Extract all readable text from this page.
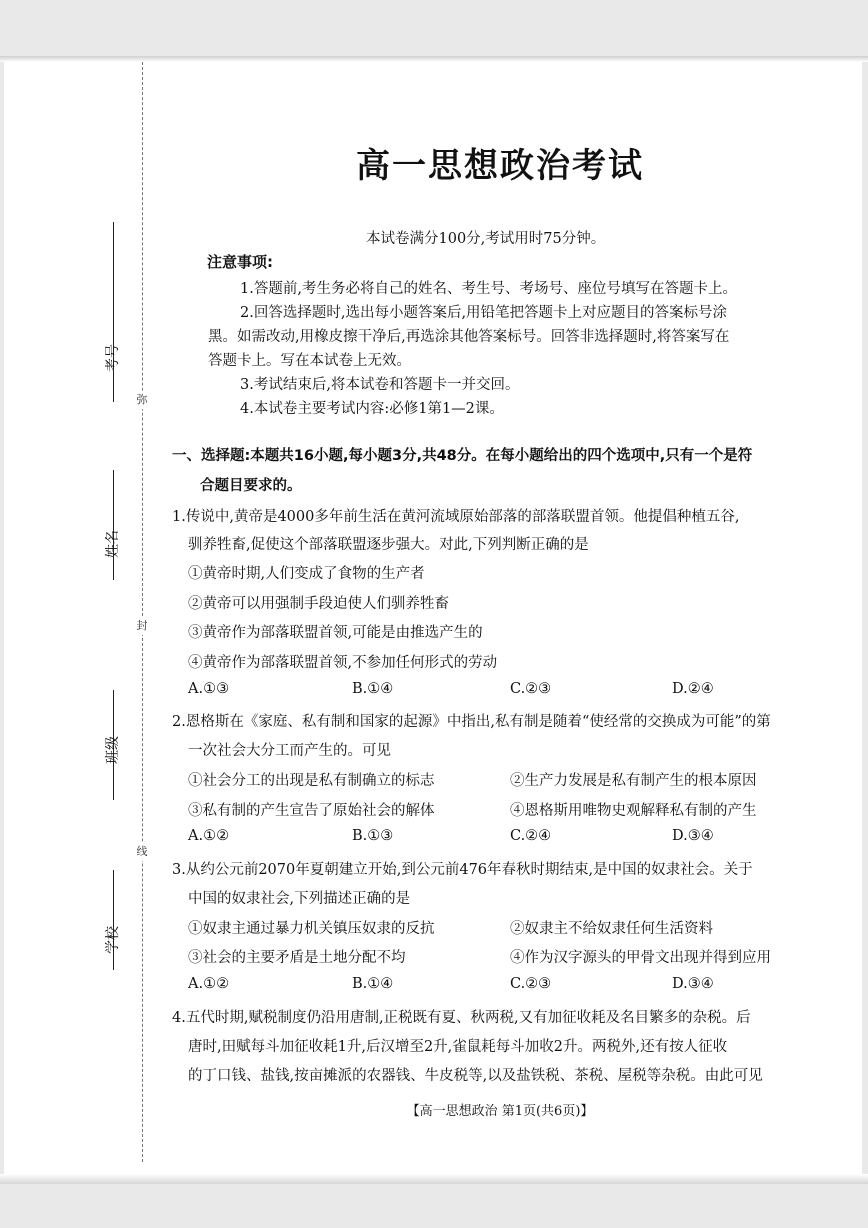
弥
封
线
考号
姓名
班级
学校
高一思想政治考试
本试卷满分100分,考试用时75分钟。
注意事项:
1.答题前,考生务必将自己的姓名、考生号、考场号、座位号填写在答题卡上。
2.回答选择题时,选出每小题答案后,用铅笔把答题卡上对应题目的答案标号涂
黑。如需改动,用橡皮擦干净后,再选涂其他答案标号。回答非选择题时,将答案写在
答题卡上。写在本试卷上无效。
3.考试结束后,将本试卷和答题卡一并交回。
4.本试卷主要考试内容:必修1第1—2课。
一、选择题:本题共16小题,每小题3分,共48分。在每小题给出的四个选项中,只有一个是符
合题目要求的。
1.传说中,黄帝是4000多年前生活在黄河流域原始部落的部落联盟首领。他提倡种植五谷,
驯养牲畜,促使这个部落联盟逐步强大。对此,下列判断正确的是
①黄帝时期,人们变成了食物的生产者
②黄帝可以用强制手段迫使人们驯养牲畜
③黄帝作为部落联盟首领,可能是由推选产生的
④黄帝作为部落联盟首领,不参加任何形式的劳动
A.①③	B.①④	C.②③	D.②④
2.恩格斯在《家庭、私有制和国家的起源》中指出,私有制是随着“使经常的交换成为可能”的第
一次社会大分工而产生的。可见
①社会分工的出现是私有制确立的标志	②生产力发展是私有制产生的根本原因
③私有制的产生宣告了原始社会的解体	④恩格斯用唯物史观解释私有制的产生
A.①②	B.①③	C.②④	D.③④
3.从约公元前2070年夏朝建立开始,到公元前476年春秋时期结束,是中国的奴隶社会。关于
中国的奴隶社会,下列描述正确的是
①奴隶主通过暴力机关镇压奴隶的反抗	②奴隶主不给奴隶任何生活资料
③社会的主要矛盾是土地分配不均	④作为汉字源头的甲骨文出现并得到应用
A.①②	B.①④	C.②③	D.③④
4.五代时期,赋税制度仍沿用唐制,正税既有夏、秋两税,又有加征收耗及名目繁多的杂税。后
唐时,田赋每斗加征收耗1升,后汉增至2升,雀鼠耗每斗加收2升。两税外,还有按人征收
的丁口钱、盐钱,按亩摊派的农器钱、牛皮税等,以及盐铁税、茶税、屋税等杂税。由此可见
【高一思想政治 第1页(共6页)】
